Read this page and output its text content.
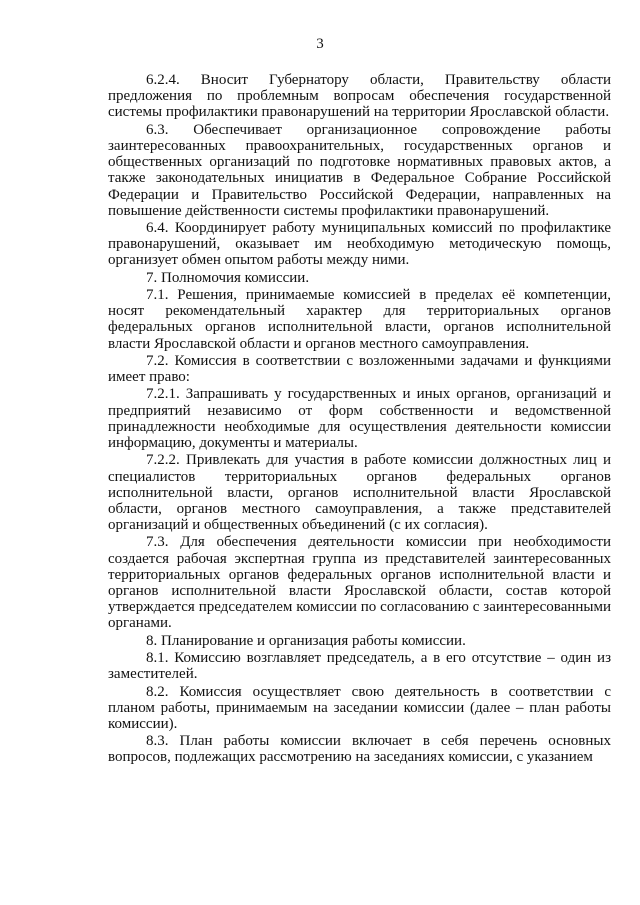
3

6.2.4. Вносит Губернатору области, Правительству области предложения по проблемным вопросам обеспечения государственной системы профилактики правонарушений на территории Ярославской области.

6.3. Обеспечивает организационное сопровождение работы заинтересованных правоохранительных, государственных органов и общественных организаций по подготовке нормативных правовых актов, а также законодательных инициатив в Федеральное Собрание Российской Федерации и Правительство Российской Федерации, направленных на повышение действенности системы профилактики правонарушений.

6.4. Координирует работу муниципальных комиссий по профилактике правонарушений, оказывает им необходимую методическую помощь, организует обмен опытом работы между ними.

7. Полномочия комиссии.

7.1. Решения, принимаемые комиссией в пределах её компетенции, носят рекомендательный характер для территориальных органов федеральных органов исполнительной власти, органов исполнительной власти Ярославской области и органов местного самоуправления.

7.2. Комиссия в соответствии с возложенными задачами и функциями имеет право:

7.2.1. Запрашивать у государственных и иных органов, организаций и предприятий независимо от форм собственности и ведомственной принадлежности необходимые для осуществления деятельности комиссии информацию, документы и материалы.

7.2.2. Привлекать для участия в работе комиссии должностных лиц и специалистов территориальных органов федеральных органов исполнительной власти, органов исполнительной власти Ярославской области, органов местного самоуправления, а также представителей организаций и общественных объединений (с их согласия).

7.3. Для обеспечения деятельности комиссии при необходимости создается рабочая экспертная группа из представителей заинтересованных территориальных органов федеральных органов исполнительной власти и органов исполнительной власти Ярославской области, состав которой утверждается председателем комиссии по согласованию с заинтересованными органами.

8. Планирование и организация работы комиссии.

8.1. Комиссию возглавляет председатель, а в его отсутствие – один из заместителей.

8.2. Комиссия осуществляет свою деятельность в соответствии с планом работы, принимаемым на заседании комиссии (далее – план работы комиссии).

8.3. План работы комиссии включает в себя перечень основных вопросов, подлежащих рассмотрению на заседаниях комиссии, с указанием
